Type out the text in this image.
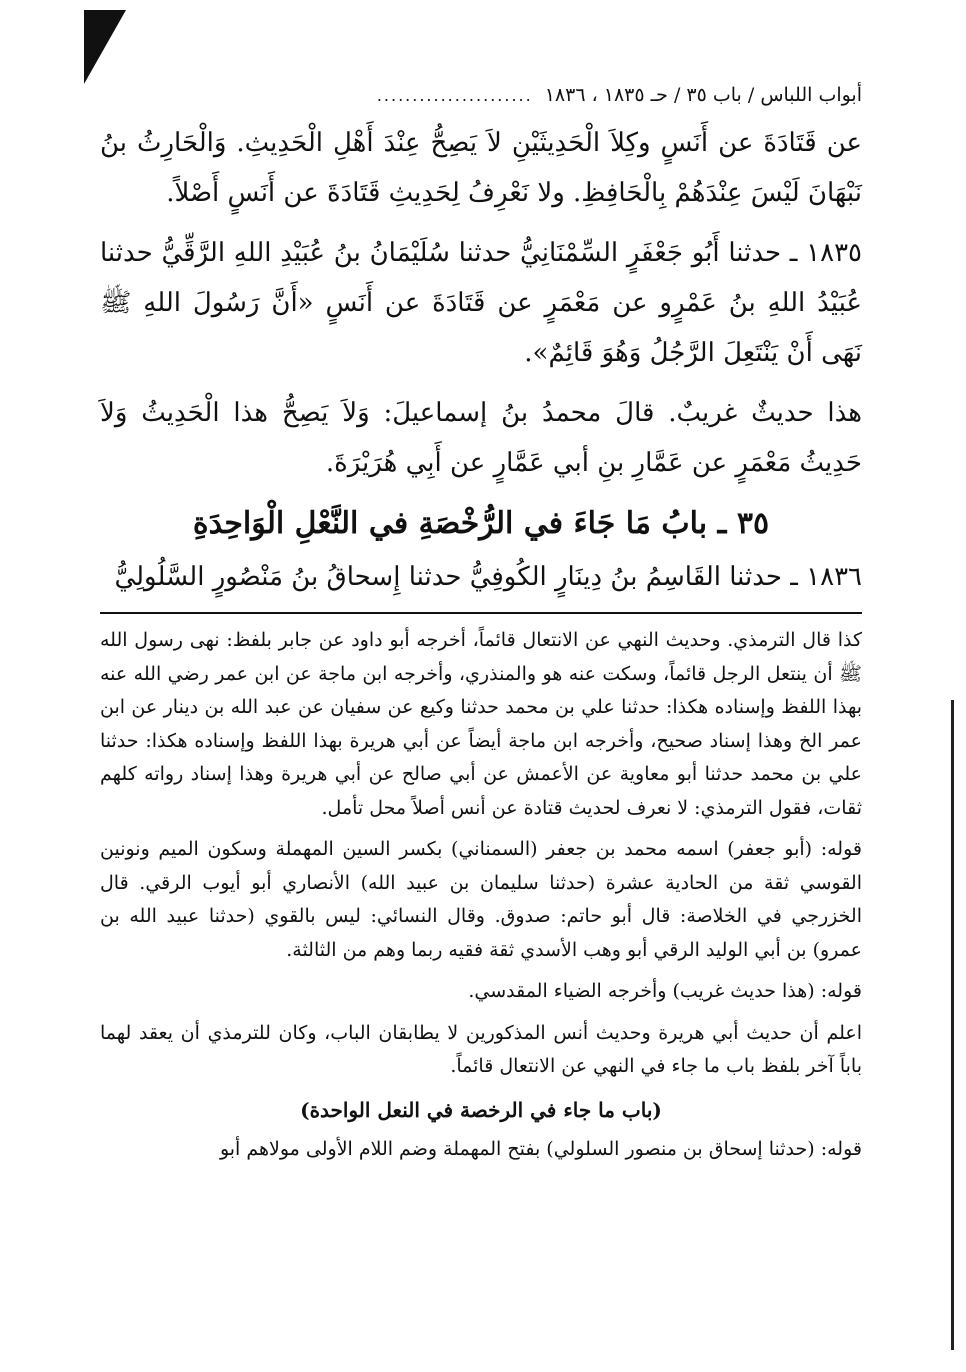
أبواب اللباس / باب ٣٥ / حـ ١٨٣٥ ، ١٨٣٦
......................

عن قَتَادَةَ عن أَنَسٍ وكِلاَ الْحَدِيثَيْنِ لاَ يَصِحُّ عِنْدَ أَهْلِ الْحَدِيثِ. وَالْحَارِثُ بنُ نَبْهَانَ لَيْسَ عِنْدَهُمْ بِالْحَافِظِ. ولا نَعْرِفُ لِحَدِيثِ قَتَادَةَ عن أَنَسٍ أَصْلاً.

١٨٣٥ ـ حدثنا أَبُو جَعْفَرٍ السِّمْنَانِيُّ حدثنا سُلَيْمَانُ بنُ عُبَيْدِ اللهِ الرَّقِّيُّ حدثنا عُبَيْدُ اللهِ بنُ عَمْرٍو عن مَعْمَرٍ عن قَتَادَةَ عن أَنَسٍ «أَنَّ رَسُولَ اللهِ ﷺ نَهَى أَنْ يَنْتَعِلَ الرَّجُلُ وَهُوَ قَائِمٌ».

هذا حديثٌ غريبٌ. قالَ محمدُ بنُ إسماعيلَ: وَلاَ يَصِحُّ هذا الْحَدِيثُ وَلاَ حَدِيثُ مَعْمَرٍ عن عَمَّارِ بنِ أبي عَمَّارٍ عن أَبِي هُرَيْرَةَ.

٣٥ ـ بابُ مَا جَاءَ في الرُّخْصَةِ في النَّعْلِ الْوَاحِدَةِ

١٨٣٦ ـ حدثنا القَاسِمُ بنُ دِينَارٍ الكُوفِيُّ حدثنا إِسحاقُ بنُ مَنْصُورٍ السَّلُولِيُّ

كذا قال الترمذي. وحديث النهي عن الانتعال قائماً، أخرجه أبو داود عن جابر بلفظ: نهى رسول الله ﷺ أن ينتعل الرجل قائماً، وسكت عنه هو والمنذري، وأخرجه ابن ماجة عن ابن عمر رضي الله عنه بهذا اللفظ وإسناده هكذا: حدثنا علي بن محمد حدثنا وكيع عن سفيان عن عبد الله بن دينار عن ابن عمر الخ وهذا إسناد صحيح، وأخرجه ابن ماجة أيضاً عن أبي هريرة بهذا اللفظ وإسناده هكذا: حدثنا علي بن محمد حدثنا أبو معاوية عن الأعمش عن أبي صالح عن أبي هريرة وهذا إسناد رواته كلهم ثقات، فقول الترمذي: لا نعرف لحديث قتادة عن أنس أصلاً محل تأمل.

قوله: (أبو جعفر) اسمه محمد بن جعفر (السمناني) بكسر السين المهملة وسكون الميم ونونين القوسي ثقة من الحادية عشرة (حدثنا سليمان بن عبيد الله) الأنصاري أبو أيوب الرقي. قال الخزرجي في الخلاصة: قال أبو حاتم: صدوق. وقال النسائي: ليس بالقوي (حدثنا عبيد الله بن عمرو) بن أبي الوليد الرقي أبو وهب الأسدي ثقة فقيه ربما وهم من الثالثة.

قوله: (هذا حديث غريب) وأخرجه الضياء المقدسي.

اعلم أن حديث أبي هريرة وحديث أنس المذكورين لا يطابقان الباب، وكان للترمذي أن يعقد لهما باباً آخر بلفظ باب ما جاء في النهي عن الانتعال قائماً.

(باب ما جاء في الرخصة في النعل الواحدة)

قوله: (حدثنا إسحاق بن منصور السلولي) بفتح المهملة وضم اللام الأولى مولاهم أبو
